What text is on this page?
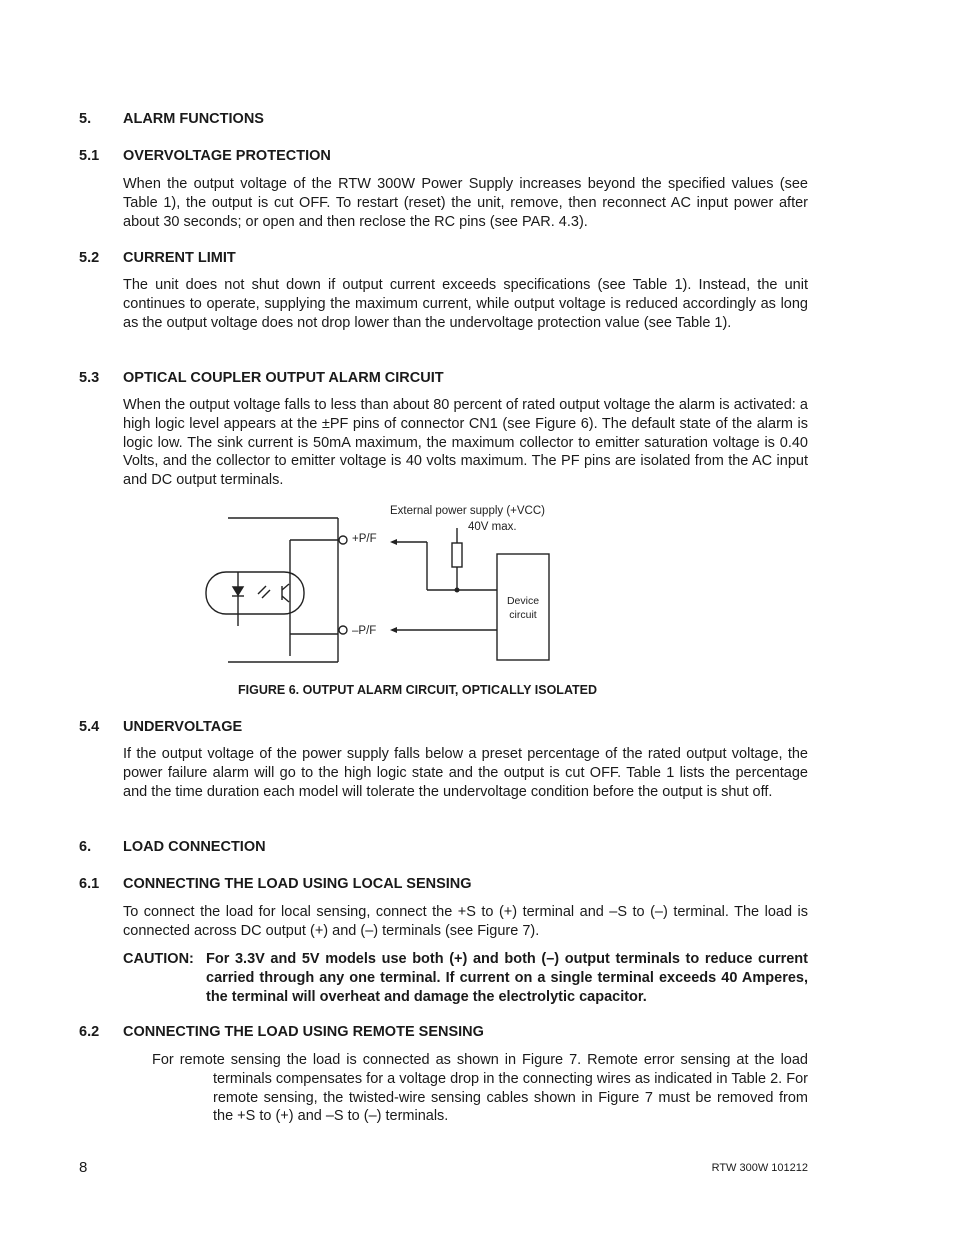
5. ALARM FUNCTIONS
5.1 OVERVOLTAGE PROTECTION
When the output voltage of the RTW 300W Power Supply increases beyond the specified values (see Table 1), the output is cut OFF. To restart (reset) the unit, remove, then reconnect AC input power after about 30 seconds; or open and then reclose the RC pins (see PAR. 4.3).
5.2 CURRENT LIMIT
The unit does not shut down if output current exceeds specifications (see Table 1). Instead, the unit continues to operate, supplying the maximum current, while output voltage is reduced accordingly as long as the output voltage does not drop lower than the undervoltage protection value (see Table 1).
5.3 OPTICAL COUPLER OUTPUT ALARM CIRCUIT
When the output voltage falls to less than about 80 percent of rated output voltage the alarm is activated: a high logic level appears at the ±PF pins of connector CN1 (see Figure 6). The default state of the alarm is logic low. The sink current is 50mA maximum, the maximum collector to emitter saturation voltage is 0.40 Volts, and the collector to emitter voltage is 40 volts maximum. The PF pins are isolated from the AC input and DC output terminals.
External power supply (+VCC)
40V max.
+P/F
–P/F
Device
circuit
FIGURE 6. OUTPUT ALARM CIRCUIT, OPTICALLY ISOLATED
5.4 UNDERVOLTAGE
If the output voltage of the power supply falls below a preset percentage of the rated output voltage, the power failure alarm will go to the high logic state and the output is cut OFF. Table 1 lists the percentage and the time duration each model will tolerate the undervoltage condition before the output is shut off.
6. LOAD CONNECTION
6.1 CONNECTING THE LOAD USING LOCAL SENSING
To connect the load for local sensing, connect the +S to (+) terminal and –S to (–) terminal. The load is connected across DC output (+) and (–) terminals (see Figure 7).
CAUTION: For 3.3V and 5V models use both (+) and both (–) output terminals to reduce current carried through any one terminal. If current on a single terminal exceeds 40 Amperes, the terminal will overheat and damage the electrolytic capacitor.
6.2 CONNECTING THE LOAD USING REMOTE SENSING
For remote sensing the load is connected as shown in Figure 7. Remote error sensing at the load terminals compensates for a voltage drop in the connecting wires as indicated in Table 2. For remote sensing, the twisted-wire sensing cables shown in Figure 7 must be removed from the +S to (+) and –S to (–) terminals.
8	RTW 300W 101212
